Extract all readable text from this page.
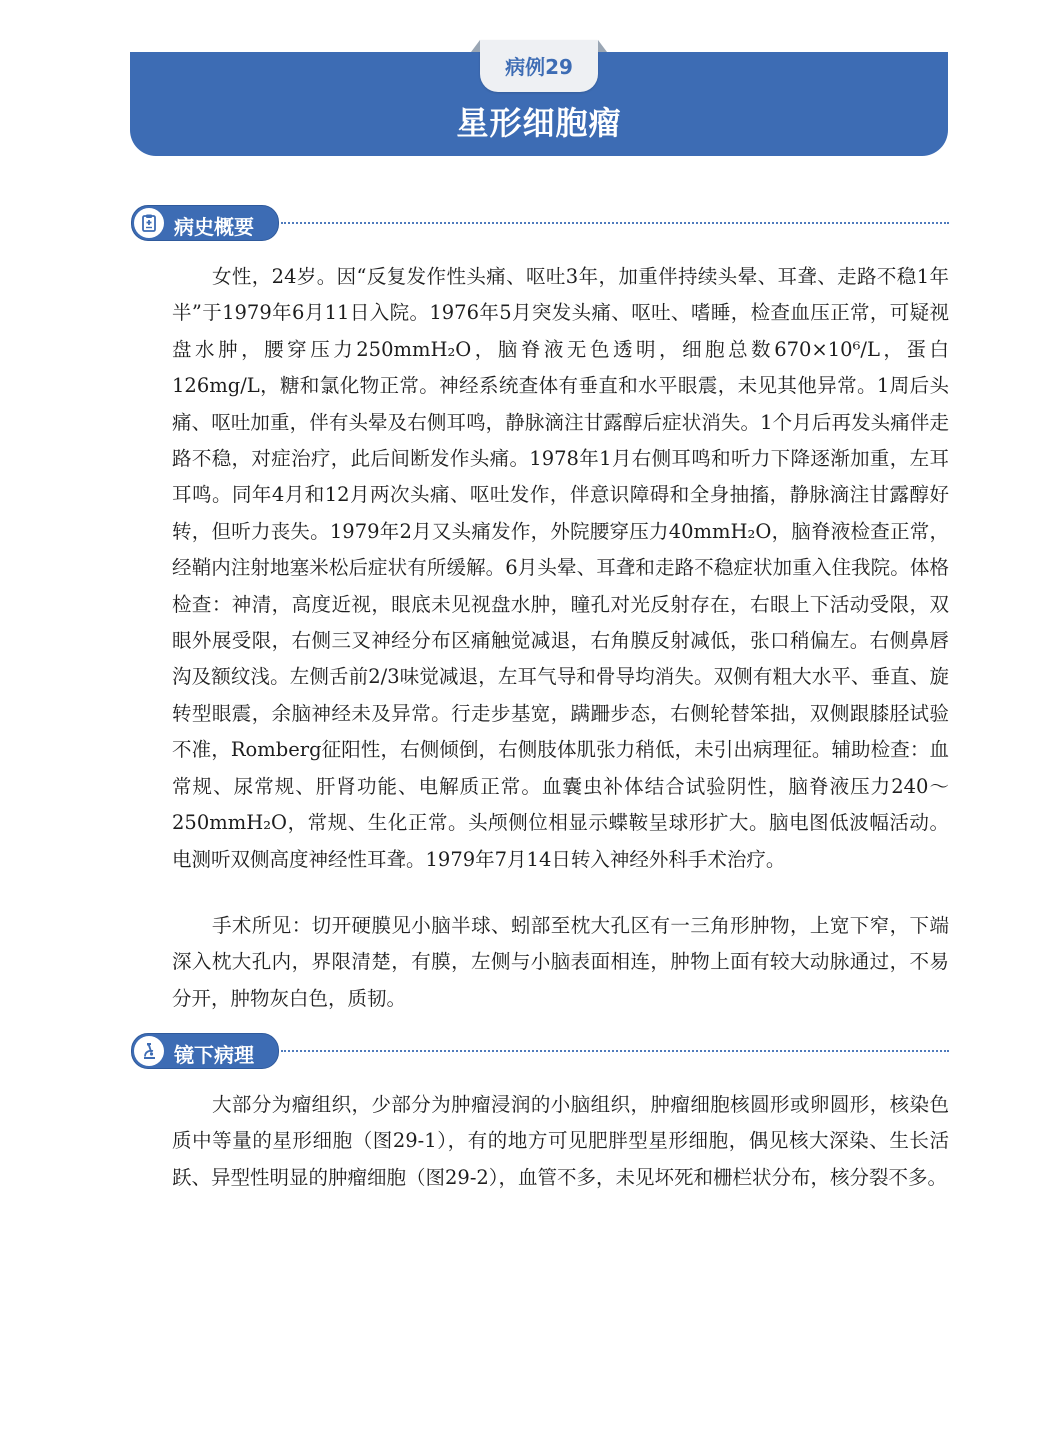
病例29
星形细胞瘤
病史概要

女性，24岁。因“反复发作性头痛、呕吐3年，加重伴持续头晕、耳聋、走路不稳1年半”于1979年6月11日入院。1976年5月突发头痛、呕吐、嗜睡，检查血压正常，可疑视盘水肿，腰穿压力250mmH₂O，脑脊液无色透明，细胞总数670×10⁶/L，蛋白126mg/L，糖和氯化物正常。神经系统查体有垂直和水平眼震，未见其他异常。1周后头痛、呕吐加重，伴有头晕及右侧耳鸣，静脉滴注甘露醇后症状消失。1个月后再发头痛伴走路不稳，对症治疗，此后间断发作头痛。1978年1月右侧耳鸣和听力下降逐渐加重，左耳耳鸣。同年4月和12月两次头痛、呕吐发作，伴意识障碍和全身抽搐，静脉滴注甘露醇好转，但听力丧失。1979年2月又头痛发作，外院腰穿压力40mmH₂O，脑脊液检查正常，经鞘内注射地塞米松后症状有所缓解。6月头晕、耳聋和走路不稳症状加重入住我院。体格检查：神清，高度近视，眼底未见视盘水肿，瞳孔对光反射存在，右眼上下活动受限，双眼外展受限，右侧三叉神经分布区痛触觉减退，右角膜反射减低，张口稍偏左。右侧鼻唇沟及额纹浅。左侧舌前2/3味觉减退，左耳气导和骨导均消失。双侧有粗大水平、垂直、旋转型眼震，余脑神经未及异常。行走步基宽，蹒跚步态，右侧轮替笨拙，双侧跟膝胫试验不准，Romberg征阳性，右侧倾倒，右侧肢体肌张力稍低，未引出病理征。辅助检查：血常规、尿常规、肝肾功能、电解质正常。血囊虫补体结合试验阴性，脑脊液压力240～250mmH₂O，常规、生化正常。头颅侧位相显示蝶鞍呈球形扩大。脑电图低波幅活动。电测听双侧高度神经性耳聋。1979年7月14日转入神经外科手术治疗。

手术所见：切开硬膜见小脑半球、蚓部至枕大孔区有一三角形肿物，上宽下窄，下端深入枕大孔内，界限清楚，有膜，左侧与小脑表面相连，肿物上面有较大动脉通过，不易分开，肿物灰白色，质韧。

镜下病理

大部分为瘤组织，少部分为肿瘤浸润的小脑组织，肿瘤细胞核圆形或卵圆形，核染色质中等量的星形细胞（图29-1），有的地方可见肥胖型星形细胞，偶见核大深染、生长活跃、异型性明显的肿瘤细胞（图29-2），血管不多，未见坏死和栅栏状分布，核分裂不多。
